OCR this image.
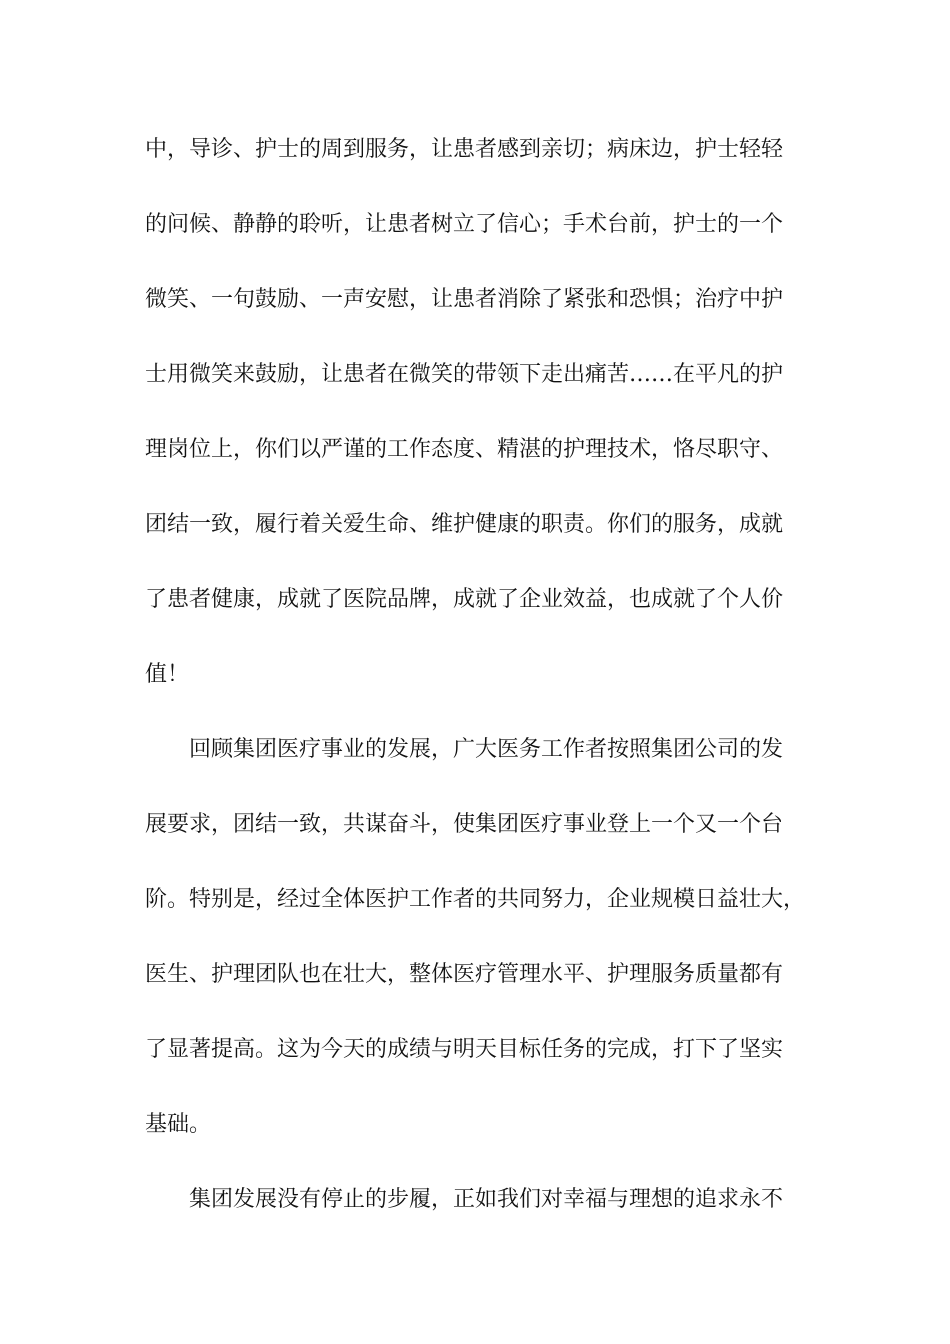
中，导诊、护士的周到服务，让患者感到亲切；病床边，护士轻轻
的问候、静静的聆听，让患者树立了信心；手术台前，护士的一个
微笑、一句鼓励、一声安慰，让患者消除了紧张和恐惧；治疗中护
士用微笑来鼓励，让患者在微笑的带领下走出痛苦……在平凡的护
理岗位上，你们以严谨的工作态度、精湛的护理技术，恪尽职守、
团结一致，履行着关爱生命、维护健康的职责。你们的服务，成就
了患者健康，成就了医院品牌，成就了企业效益，也成就了个人价
值！
回顾集团医疗事业的发展，广大医务工作者按照集团公司的发
展要求，团结一致，共谋奋斗，使集团医疗事业登上一个又一个台
阶。特别是，经过全体医护工作者的共同努力，企业规模日益壮大，
医生、护理团队也在壮大，整体医疗管理水平、护理服务质量都有
了显著提高。这为今天的成绩与明天目标任务的完成，打下了坚实
基础。
集团发展没有停止的步履，正如我们对幸福与理想的追求永不
